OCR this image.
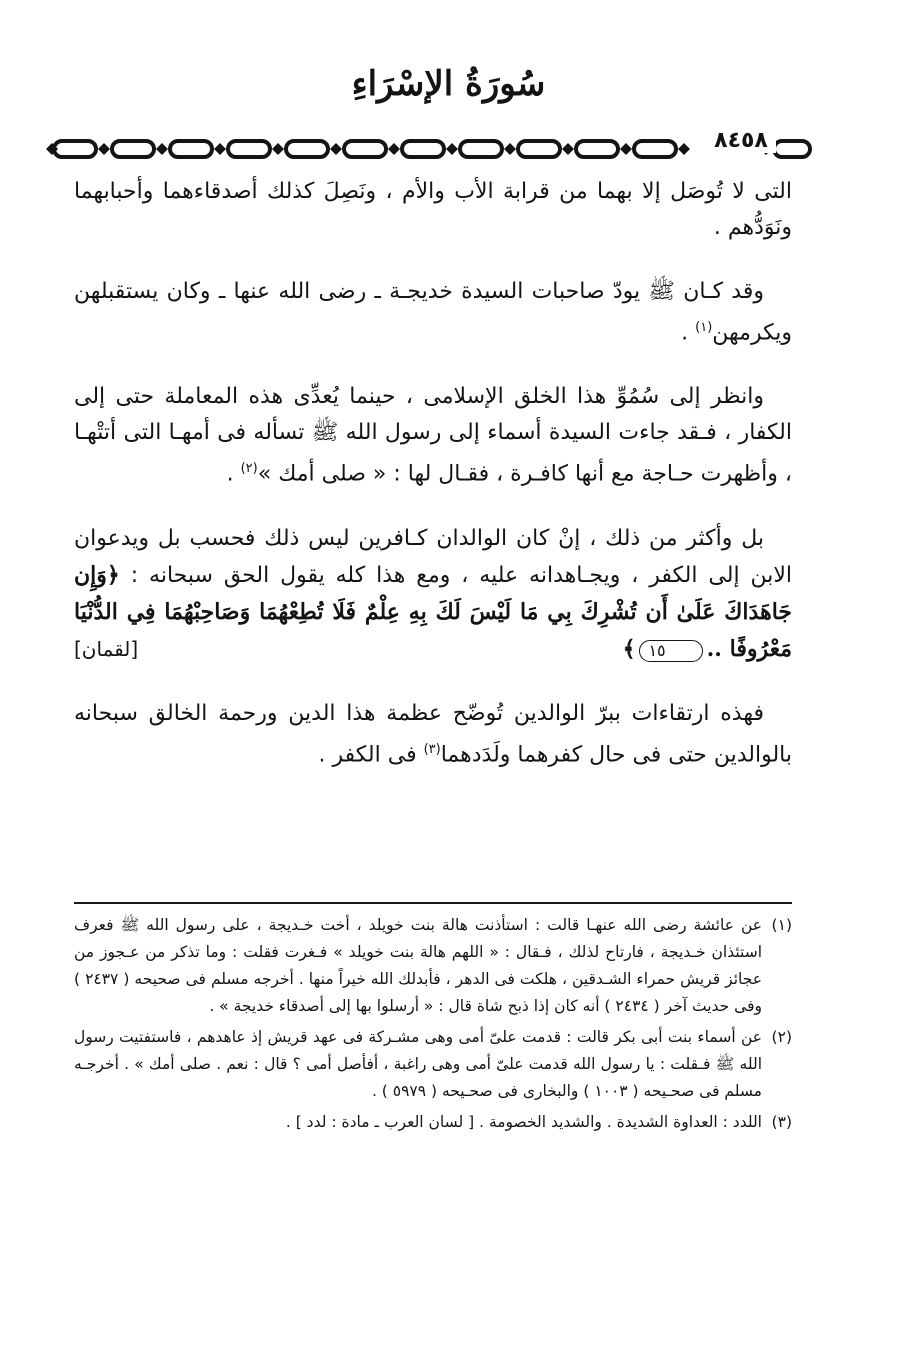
سُورَةُ الإسْرَاءِ
٨٤٥٨

التى لا تُوصَل إلا بهما من قرابة الأب والأم ، ونَصِلَ كذلك أصدقاءهما وأحبابهما ونَوَدُّهم .

وقد كـان ﷺ يودّ صاحبات السيدة خديجـة ـ رضى الله عنها ـ وكان يستقبلهن ويكرمهن$^{(١)}$ .

وانظر إلى سُمُوِّ هذا الخلق الإسلامى ، حينما يُعدِّى هذه المعاملة حتى إلى الكفار ، فـقد جاءت السيدة أسماء إلى رسول الله ﷺ تسأله فى أمهـا التى أتتْهـا ، وأظهرت حـاجة مع أنها كافـرة ، فقـال لها : « صلى أمك »$^{(٢)}$ .

بل وأكثر من ذلك ، إنْ كان الوالدان كـافرين ليس ذلك فحسب بل ويدعوان الابن إلى الكفر ، ويجـاهدانه عليه ، ومع هذا كله يقول الحق سبحانه : ﴿وَإِن جَاهَدَاكَ عَلَىٰ أَن تُشْرِكَ بِي مَا لَيْسَ لَكَ بِهِ عِلْمٌ فَلَا تُطِعْهُمَا وَصَاحِبْهُمَا فِي الدُّنْيَا مَعْرُوفًا ..١٥﴾
[لقمان]

فهذه ارتقاءات ببرّ الوالدين تُوضّح عظمة هذا الدين ورحمة الخالق سبحانه بالوالدين حتى فى حال كفرهما ولَدَدهما$^{(٣)}$ فى الكفر .

(١)
عن عائشة رضى الله عنهـا قالت : استأذنت هالة بنت خويلد ، أخت خـديجة ، على رسول الله ﷺ فعرف استئذان خـديجة ، فارتاح لذلك ، فـقال : « اللهم هالة بنت خويلد » فـغرت فقلت : وما تذكر من عـجوز من عجائز قريش حمراء الشـدقين ، هلكت فى الدهر ، فأبدلك الله خيراً منها . أخرجه مسلم فى صحيحه ( ٢٤٣٧ ) وفى حديث آخر ( ٢٤٣٤ ) أنه كان إذا ذبح شاة قال : « أرسلوا بها إلى أصدقاء خديجة » .
(٢)
عن أسماء بنت أبى بكر قالت : قدمت علىّ أمى وهى مشـركة فى عهد قريش إذ عاهدهم ، فاستفتيت رسول الله ﷺ فـقلت : يا رسول الله قدمت علىّ أمى وهى راغبة ، أفأصل أمى ؟ قال : نعم . صلى أمك » . أخرجـه مسلم فى صحـيحه ( ١٠٠٣ ) والبخارى فى صحـيحه ( ٥٩٧٩ ) .
(٣)
اللدد : العداوة الشديدة . والشديد الخصومة . [ لسان العرب ـ مادة : لدد ] .
